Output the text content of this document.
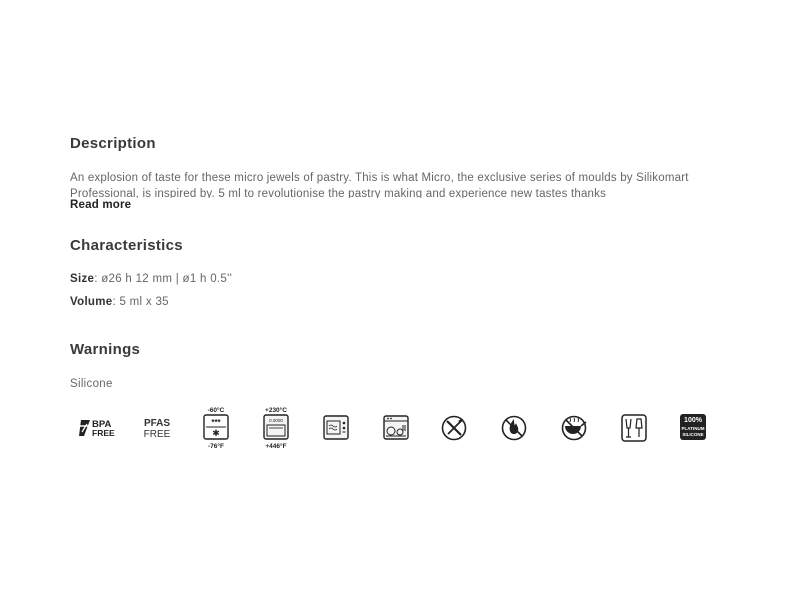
Description
An explosion of taste for these micro jewels of pastry. This is what Micro, the exclusive series of moulds by Silikomart Professional, is inspired by. 5 ml to revolutionise the pastry making and experience new tastes thanks
Read more
Characteristics
Size: ø26 h 12 mm | ø1 h 0.5''
Volume: 5 ml x 35
Warnings
Silicone
BPA
FREE
PFAS
FREE
-60°C
***
✱
-76°F
+230°C
0.0000
+446°F
100%
PLATINUM
SILICONE
